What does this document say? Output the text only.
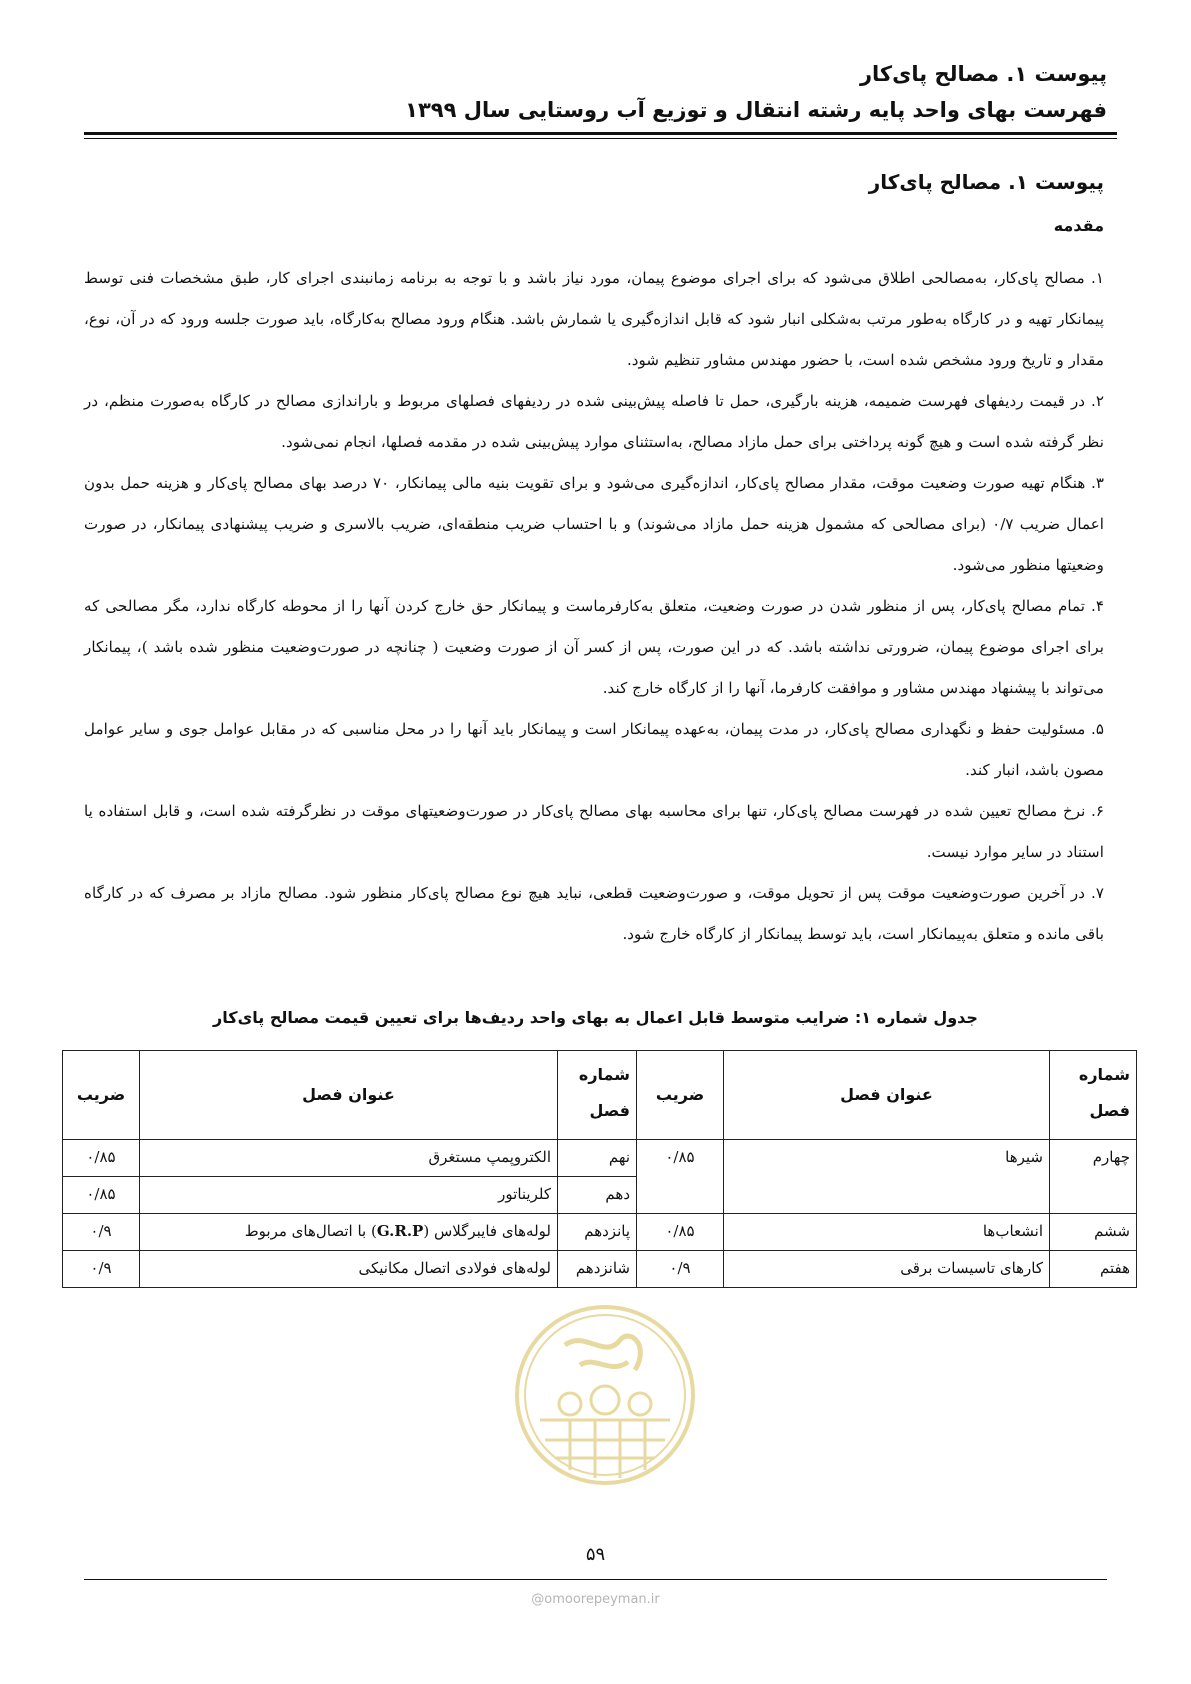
پیوست ۱. مصالح پای‌کار
فهرست بهای واحد پایه رشته انتقال و توزیع آب روستایی سال ۱۳۹۹
پیوست ۱. مصالح پای‌کار
مقدمه

۱. مصالح پای‌کار، به‌مصالحی اطلاق می‌شود که برای اجرای موضوع پیمان، مورد نیاز باشد و با توجه به برنامه زمانبندی اجرای کار، طبق مشخصات فنی توسط پیمانکار تهیه و در کارگاه به‌طور مرتب به‌شکلی انبار شود که قابل اندازه‌گیری یا شمارش باشد. هنگام ورود مصالح به‌کارگاه، باید صورت جلسه ورود که در آن، نوع، مقدار و تاریخ ورود مشخص شده است، با حضور مهندس مشاور تنظیم شود.

۲. در قیمت ردیفهای فهرست ضمیمه، هزینه بارگیری، حمل تا فاصله پیش‌بینی شده در ردیفهای فصلهای مربوط و باراندازی مصالح در کارگاه به‌صورت منظم، در نظر گرفته شده است و هیچ گونه پرداختی برای حمل مازاد مصالح، به‌استثنای موارد پیش‌بینی شده در مقدمه فصلها، انجام نمی‌شود.

۳. هنگام تهیه صورت وضعیت موقت، مقدار مصالح پای‌کار، اندازه‌گیری می‌شود و برای تقویت بنیه مالی پیمانکار، ۷۰ درصد بهای مصالح پای‌کار و هزینه حمل بدون اعمال ضریب ۰/۷ (برای مصالحی که مشمول هزینه حمل مازاد می‌شوند) و با احتساب ضریب منطقه‌ای، ضریب بالاسری و ضریب پیشنهادی پیمانکار، در صورت وضعیتها منظور می‌شود.

۴. تمام مصالح پای‌کار، پس از منظور شدن در صورت وضعیت، متعلق به‌کارفرماست و پیمانکار حق خارج کردن آنها را از محوطه کارگاه ندارد، مگر مصالحی که برای اجرای موضوع پیمان، ضرورتی نداشته باشد. که در این صورت، پس از کسر آن از صورت وضعیت ( چنانچه در صورت‌وضعیت منظور شده باشد )، پیمانکار می‌تواند با پیشنهاد مهندس مشاور و موافقت کارفرما، آنها را از کارگاه خارج کند.

۵. مسئولیت حفظ و نگهداری مصالح پای‌کار، در مدت پیمان، به‌عهده پیمانکار است و پیمانکار باید آنها را در محل مناسبی که در مقابل عوامل جوی و سایر عوامل مصون باشد، انبار کند.

۶. نرخ مصالح تعیین شده در فهرست مصالح پای‌کار، تنها برای محاسبه بهای مصالح پای‌کار در صورت‌وضعیتهای موقت در نظرگرفته شده است، و قابل استفاده یا استناد در سایر موارد نیست.

۷. در آخرین صورت‌وضعیت موقت پس از تحویل موقت، و صورت‌وضعیت قطعی، نباید هیچ نوع مصالح پای‌کار منظور شود. مصالح مازاد بر مصرف که در کارگاه باقی مانده و متعلق به‌پیمانکار است، باید توسط پیمانکار از کارگاه خارج شود.

جدول شماره ۱: ضرایب متوسط قابل اعمال به بهای واحد ردیف‌ها برای تعیین قیمت مصالح پای‌کار
شماره فصل	عنوان فصل	ضریب	شماره فصل	عنوان فصل	ضریب
چهارم	شیرها	۰/۸۵	نهم	الکتروپمپ مستغرق	۰/۸۵
			دهم	کلریناتور	۰/۸۵
ششم	انشعاب‌ها	۰/۸۵	پانزدهم	لوله‌های فایبرگلاس (G.R.P) با اتصال‌های مربوط	۰/۹
هفتم	کارهای تاسیسات برقی	۰/۹	شانزدهم	لوله‌های فولادی اتصال مکانیکی	۰/۹
۵۹
@omoorepeyman.ir
